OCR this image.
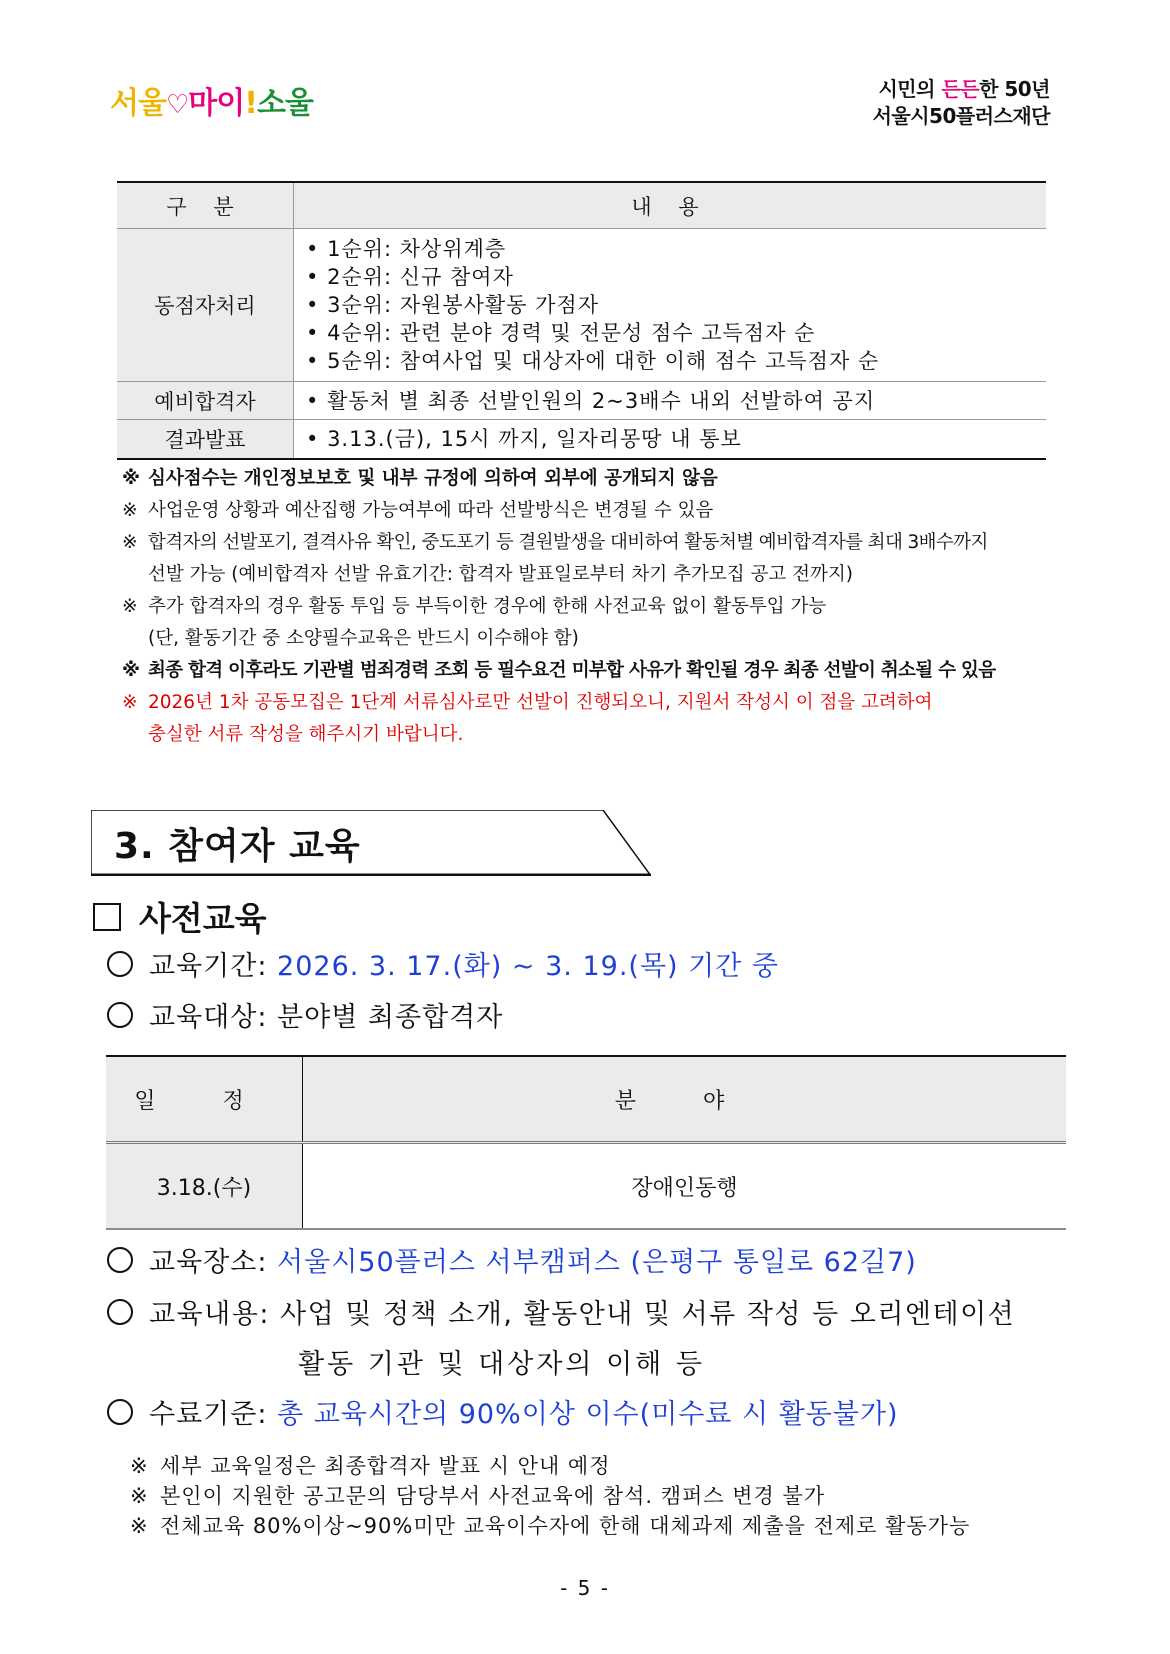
서울♡마이!소울	시민의 든든한 50년
서울시50플러스재단
구 분	내 용
동점자처리	• 1순위: 차상위계층
• 2순위: 신규 참여자
• 3순위: 자원봉사활동 가점자
• 4순위: 관련 분야 경력 및 전문성 점수 고득점자 순
• 5순위: 참여사업 및 대상자에 대한 이해 점수 고득점자 순

예비합격자	• 활동처 별 최종 선발인원의 2~3배수 내외 선발하여 공지

결과발표	• 3.13.(금), 15시 까지, 일자리몽땅 내 통보
※ 심사점수는 개인정보보호 및 내부 규정에 의하여 외부에 공개되지 않음
※ 사업운영 상황과 예산집행 가능여부에 따라 선발방식은 변경될 수 있음
※ 합격자의 선발포기, 결격사유 확인, 중도포기 등 결원발생을 대비하여 활동처별 예비합격자를 최대 3배수까지
선발 가능 (예비합격자 선발 유효기간: 합격자 발표일로부터 차기 추가모집 공고 전까지)
※ 추가 합격자의 경우 활동 투입 등 부득이한 경우에 한해 사전교육 없이 활동투입 가능
(단, 활동기간 중 소양필수교육은 반드시 이수해야 함)
※ 최종 합격 이후라도 기관별 범죄경력 조회 등 필수요건 미부합 사유가 확인될 경우 최종 선발이 취소될 수 있음
※ 2026년 1차 공동모집은 1단계 서류심사로만 선발이 진행되오니, 지원서 작성시 이 점을 고려하여
충실한 서류 작성을 해주시기 바랍니다.
3. 참여자 교육
사전교육
교육기간: 2026. 3. 17.(화) ~ 3. 19.(목) 기간 중
교육대상: 분야별 최종합격자
일 정	분 야
3.18.(수)	장애인동행
교육장소: 서울시50플러스 서부캠퍼스 (은평구 통일로 62길7)
교육내용: 사업 및 정책 소개, 활동안내 및 서류 작성 등 오리엔테이션
활동 기관 및 대상자의 이해 등
수료기준: 총 교육시간의 90%이상 이수(미수료 시 활동불가)
※ 세부 교육일정은 최종합격자 발표 시 안내 예정
※ 본인이 지원한 공고문의 담당부서 사전교육에 참석. 캠퍼스 변경 불가
※ 전체교육 80%이상~90%미만 교육이수자에 한해 대체과제 제출을 전제로 활동가능
- 5 -
